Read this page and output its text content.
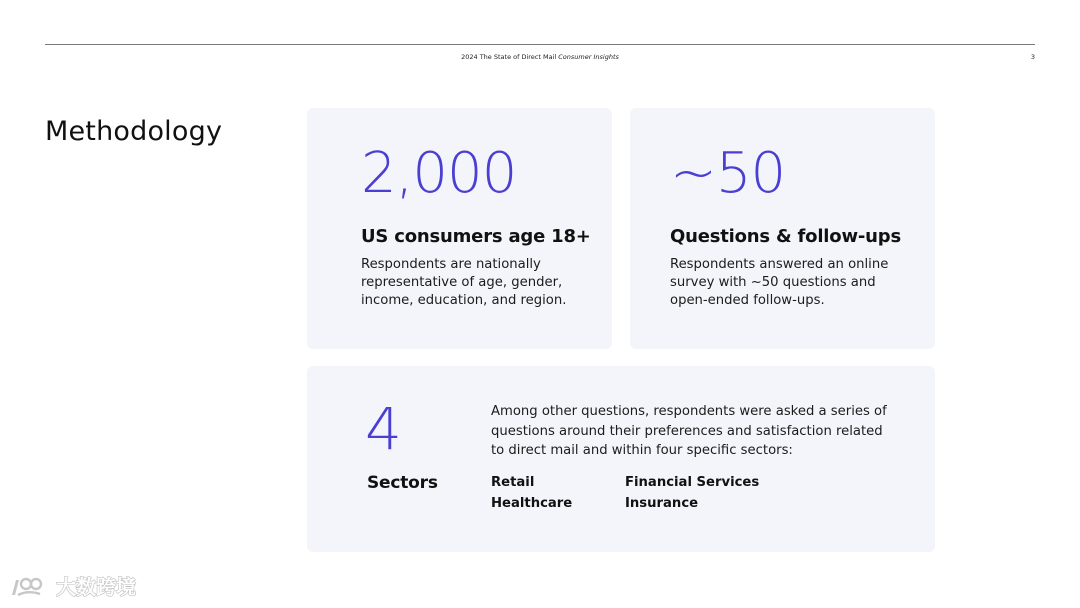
2024 The State of Direct Mail Consumer Insights	3
Methodology
2,000
US consumers age 18+
Respondents are nationally representative of age, gender, income, education, and region.
~50
Questions & follow-ups
Respondents answered an online survey with ~50 questions and open-ended follow-ups.
4
Sectors
Among other questions, respondents were asked a series of questions around their preferences and satisfaction related to direct mail and within four specific sectors:
Retail
Healthcare
Financial Services
Insurance
大数跨境
